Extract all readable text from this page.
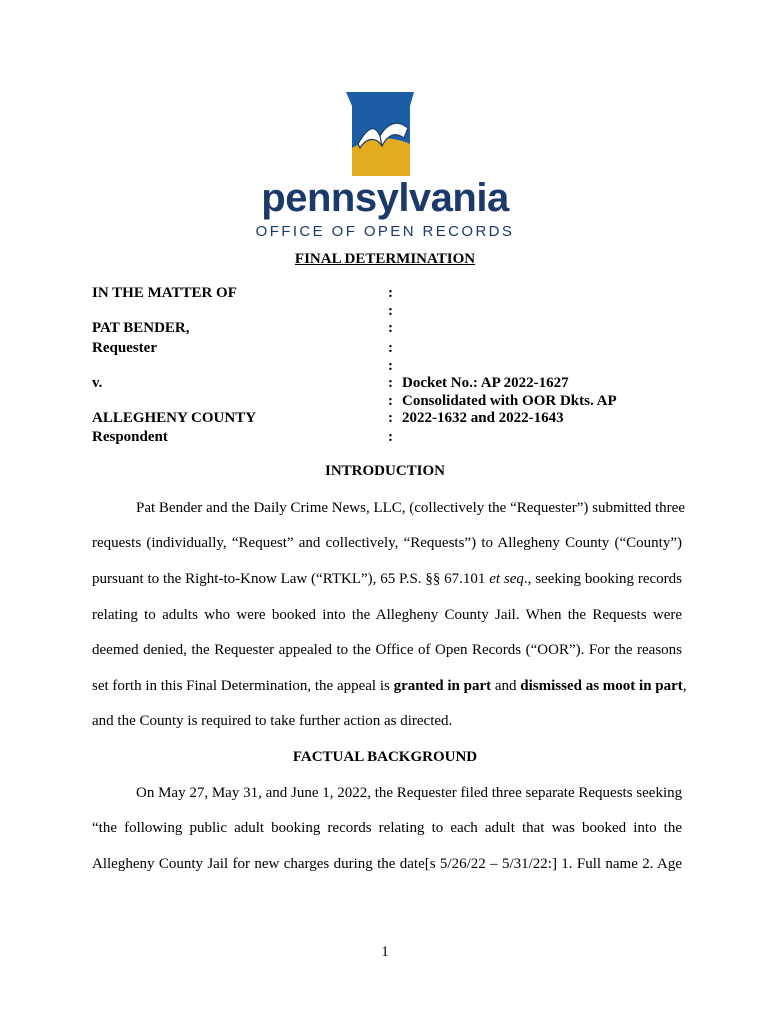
pennsylvania
OFFICE OF OPEN RECORDS
FINAL DETERMINATION
IN THE MATTER OF
PAT BENDER,
Requester
v.
ALLEGHENY COUNTY
Respondent
:
:
:
:
:
:
:
:
:
Docket No.: AP 2022-1627
Consolidated with OOR Dkts. AP
2022-1632 and 2022-1643
INTRODUCTION
Pat Bender and the Daily Crime News, LLC, (collectively the “Requester”) submitted three
requests (individually, “Request” and collectively, “Requests”) to Allegheny County (“County”)
pursuant to the Right-to-Know Law (“RTKL”), 65 P.S. §§ 67.101 et seq., seeking booking records
relating to adults who were booked into the Allegheny County Jail. When the Requests were
deemed denied, the Requester appealed to the Office of Open Records (“OOR”). For the reasons
set forth in this Final Determination, the appeal is granted in part and dismissed as moot in part,
and the County is required to take further action as directed.
FACTUAL BACKGROUND
On May 27, May 31, and June 1, 2022, the Requester filed three separate Requests seeking
“the following public adult booking records relating to each adult that was booked into the
Allegheny County Jail for new charges during the date[s 5/26/22 – 5/31/22:] 1. Full name 2. Age
1
